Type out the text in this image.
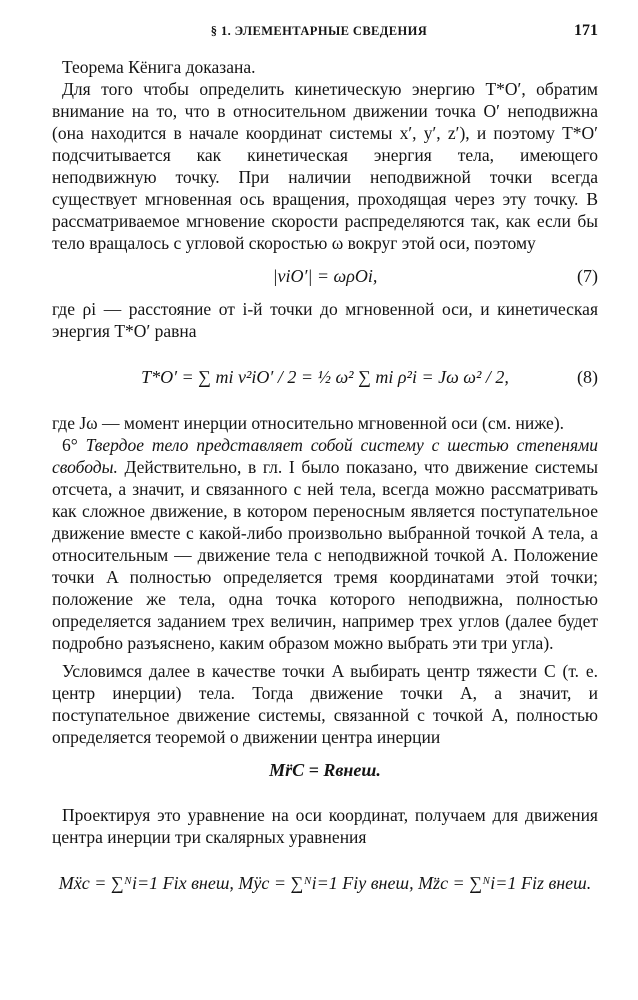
§ 1. ЭЛЕМЕНТАРНЫЕ СВЕДЕНИЯ	171

Теорема Кёнига доказана.

Для того чтобы определить кинетическую энергию T*O′, обратим внимание на то, что в относительном движении точка O′ неподвижна (она находится в начале координат системы x′, y′, z′), и поэтому T*O′ подсчитывается как кинетическая энергия тела, имеющего неподвижную точку. При наличии неподвижной точки всегда существует мгновенная ось вращения, проходящая через эту точку. В рассматриваемое мгновение скорости распределяются так, как если бы тело вращалось с угловой скоростью ω вокруг этой оси, поэтому

|viO′| = ωρOi,	(7)

где ρi — расстояние от i-й точки до мгновенной оси, и кинетическая энергия T*O′ равна

T*O′ = ∑ mi v²iO′ / 2 = ½ ω² ∑ mi ρ²i = Jω ω² / 2,	(8)

где Jω — момент инерции относительно мгновенной оси (см. ниже).

6° Твердое тело представляет собой систему с шестью степенями свободы. Действительно, в гл. I было показано, что движение системы отсчета, а значит, и связанного с ней тела, всегда можно рассматривать как сложное движение, в котором переносным является поступательное движение вместе с какой-либо произвольно выбранной точкой A тела, а относительным — движение тела с неподвижной точкой A. Положение точки A полностью определяется тремя координатами этой точки; положение же тела, одна точка которого неподвижна, полностью определяется заданием трех величин, например трех углов (далее будет подробно разъяснено, каким образом можно выбрать эти три угла).

Условимся далее в качестве точки A выбирать центр тяжести C (т. е. центр инерции) тела. Тогда движение точки A, а значит, и поступательное движение системы, связанной с точкой A, полностью определяется теоремой о движении центра инерции

Mr̈C = Rвнеш.

Проектируя это уравнение на оси координат, получаем для движения центра инерции три скалярных уравнения

Mẍc = ∑ᴺi=1 Fix внеш, Mÿc = ∑ᴺi=1 Fiy внеш, Mz̈c = ∑ᴺi=1 Fiz внеш.
